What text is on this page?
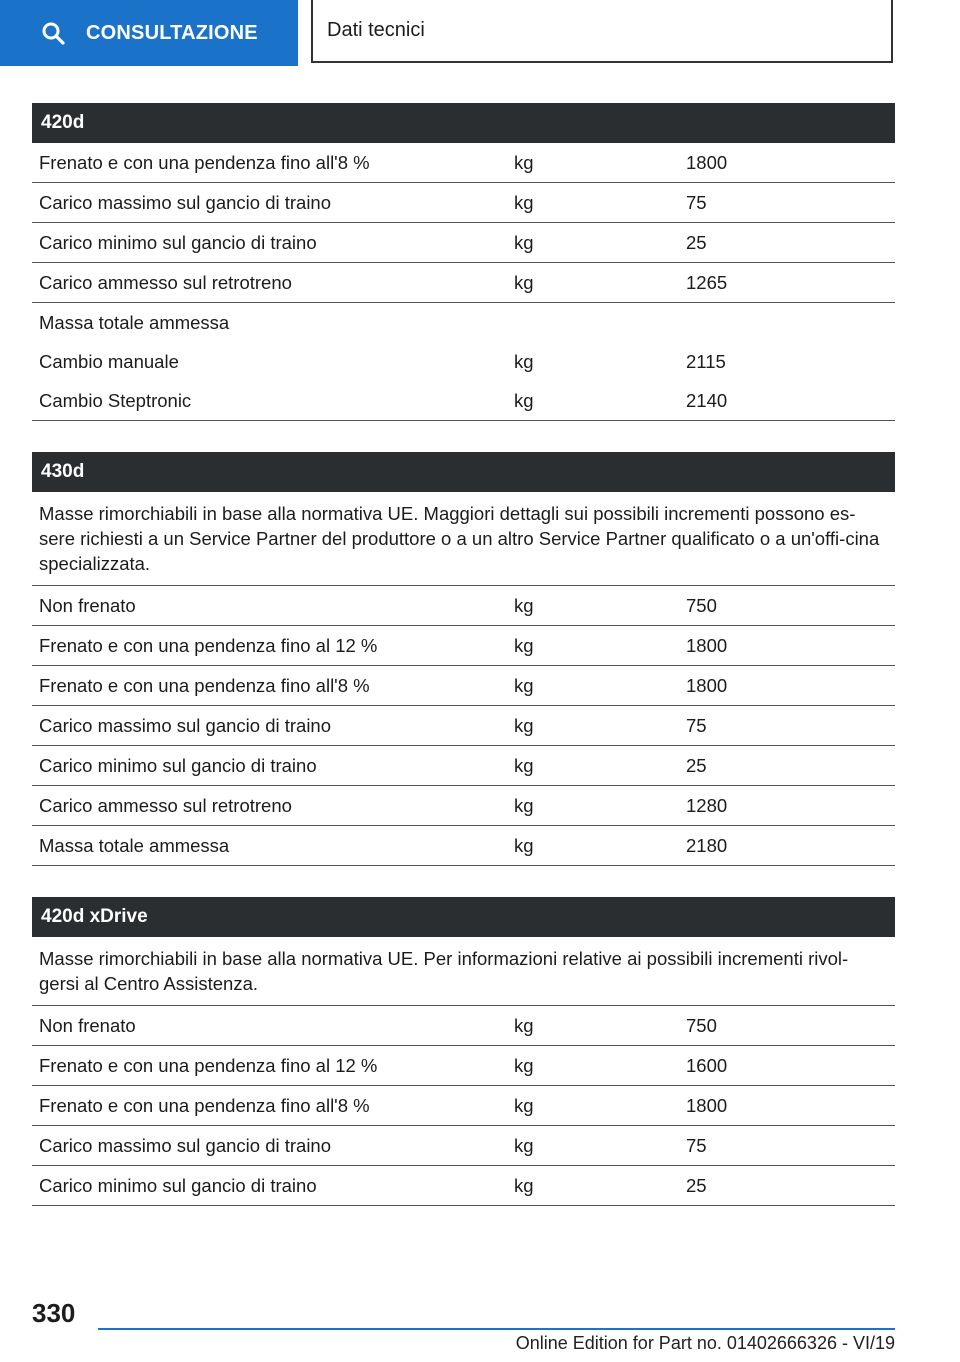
CONSULTAZIONE	Dati tecnici
420d
Frenato e con una pendenza fino all'8 %	kg	1800
Carico massimo sul gancio di traino	kg	75
Carico minimo sul gancio di traino	kg	25
Carico ammesso sul retrotreno	kg	1265
Massa totale ammessa
Cambio manuale	kg	2115
Cambio Steptronic	kg	2140
430d
Masse rimorchiabili in base alla normativa UE. Maggiori dettagli sui possibili incrementi possono es-sere richiesti a un Service Partner del produttore o a un altro Service Partner qualificato o a un'offi-cina specializzata.
Non frenato	kg	750
Frenato e con una pendenza fino al 12 %	kg	1800
Frenato e con una pendenza fino all'8 %	kg	1800
Carico massimo sul gancio di traino	kg	75
Carico minimo sul gancio di traino	kg	25
Carico ammesso sul retrotreno	kg	1280
Massa totale ammessa	kg	2180
420d xDrive
Masse rimorchiabili in base alla normativa UE. Per informazioni relative ai possibili incrementi rivol-gersi al Centro Assistenza.
Non frenato	kg	750
Frenato e con una pendenza fino al 12 %	kg	1600
Frenato e con una pendenza fino all'8 %	kg	1800
Carico massimo sul gancio di traino	kg	75
Carico minimo sul gancio di traino	kg	25
330
Online Edition for Part no. 01402666326 - VI/19
